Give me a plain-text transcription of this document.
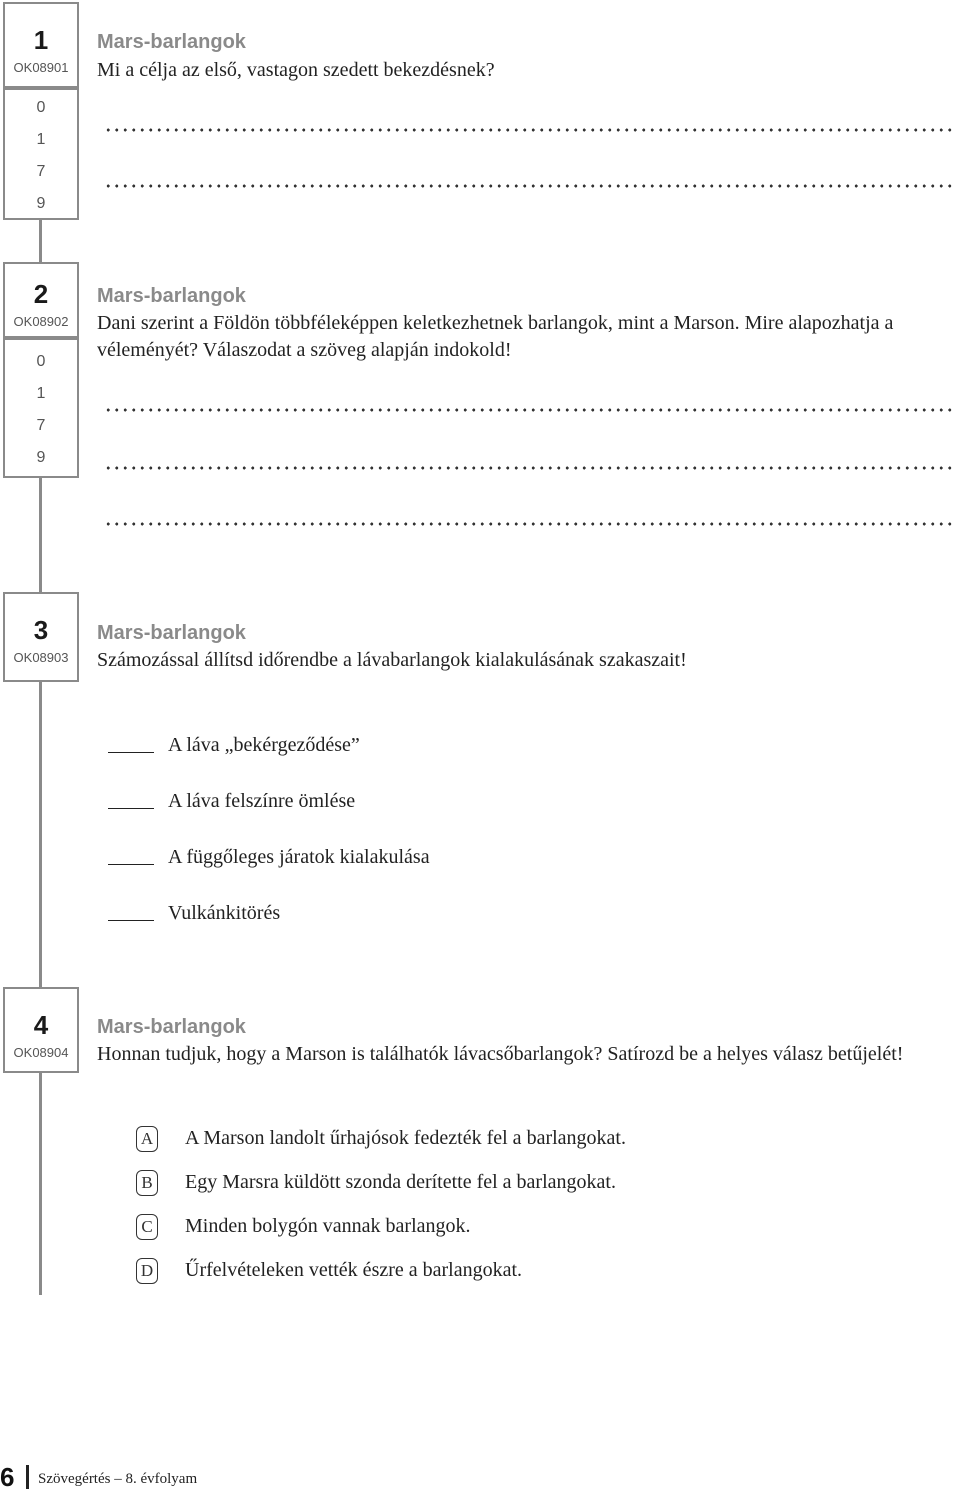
1
OK08901
0
1
7
9
Mars-barlangok
Mi a célja az első, vastagon szedett bekezdésnek?
2
OK08902
0
1
7
9
Mars-barlangok
Dani szerint a Földön többféleképpen keletkezhetnek barlangok, mint a Marson. Mire alapozhatja a véleményét? Válaszodat a szöveg alapján indokold!
3
OK08903
Mars-barlangok
Számozással állítsd időrendbe a lávabarlangok kialakulásának szakaszait!
A láva „bekérgeződése”
A láva felszínre ömlése
A függőleges járatok kialakulása
Vulkánkitörés
4
OK08904
Mars-barlangok
Honnan tudjuk, hogy a Marson is találhatók lávacsőbarlangok? Satírozd be a helyes válasz betűjelét!
A A Marson landolt űrhajósok fedezték fel a barlangokat.
B Egy Marsra küldött szonda derítette fel a barlangokat.
C Minden bolygón vannak barlangok.
D Űrfelvételeken vették észre a barlangokat.
6	Szövegértés – 8. évfolyam
